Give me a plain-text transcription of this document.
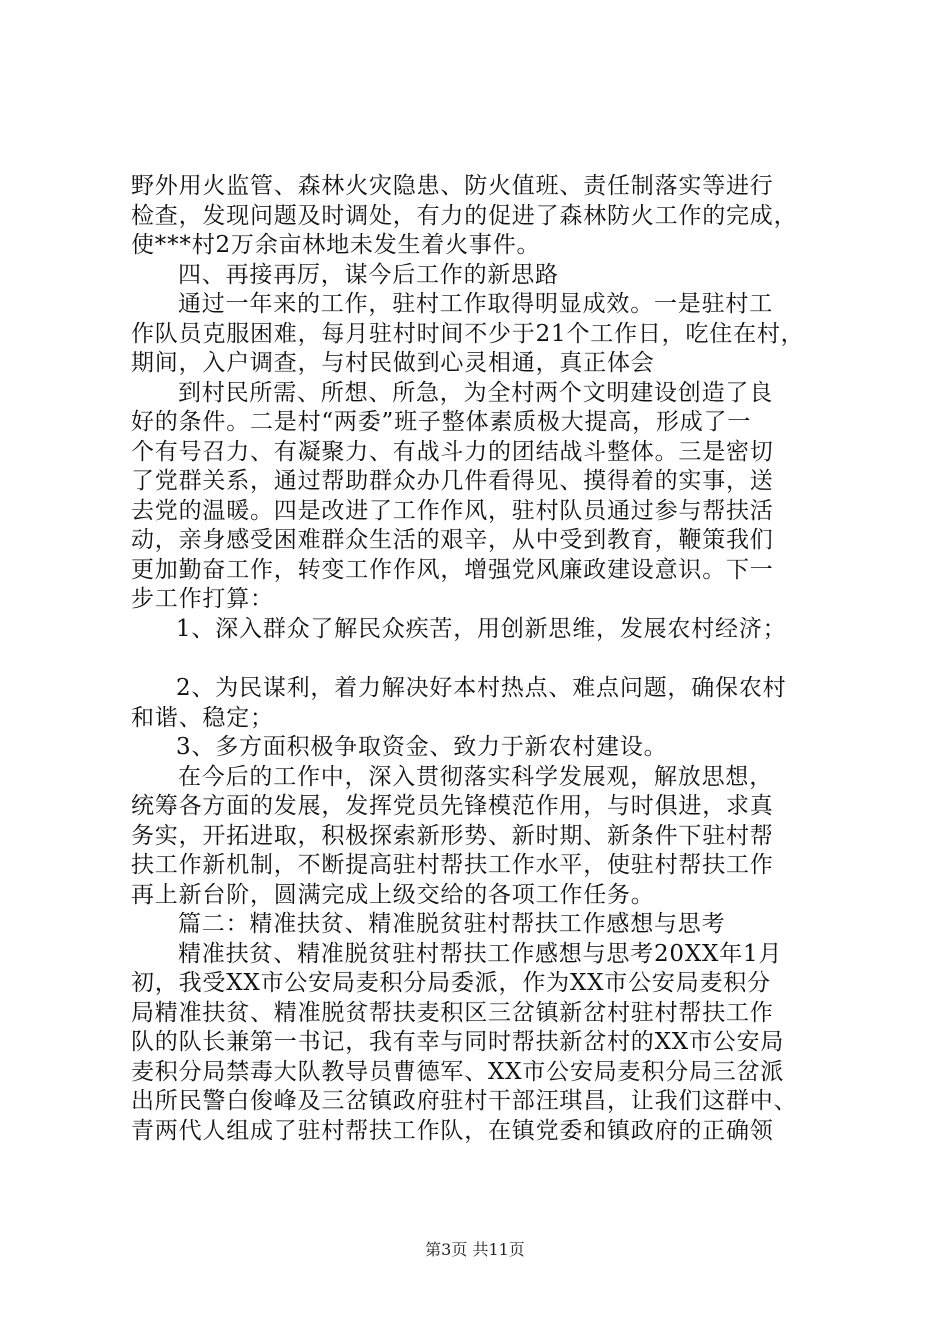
野外用火监管、森林火灾隐患、防火值班、责任制落实等进行
检查，发现问题及时调处，有力的促进了森林防火工作的完成，
使***村2万余亩林地未发生着火事件。
四、再接再厉，谋今后工作的新思路
通过一年来的工作，驻村工作取得明显成效。一是驻村工
作队员克服困难，每月驻村时间不少于21个工作日，吃住在村，
期间，入户调查，与村民做到心灵相通，真正体会
到村民所需、所想、所急，为全村两个文明建设创造了良
好的条件。二是村“两委”班子整体素质极大提高，形成了一
个有号召力、有凝聚力、有战斗力的团结战斗整体。三是密切
了党群关系，通过帮助群众办几件看得见、摸得着的实事，送
去党的温暖。四是改进了工作作风，驻村队员通过参与帮扶活
动，亲身感受困难群众生活的艰辛，从中受到教育，鞭策我们
更加勤奋工作，转变工作作风，增强党风廉政建设意识。下一
步工作打算：
1、深入群众了解民众疾苦，用创新思维，发展农村经济；
2、为民谋利，着力解决好本村热点、难点问题，确保农村
和谐、稳定；
3、多方面积极争取资金、致力于新农村建设。
在今后的工作中，深入贯彻落实科学发展观，解放思想，
统筹各方面的发展，发挥党员先锋模范作用，与时俱进，求真
务实，开拓进取，积极探索新形势、新时期、新条件下驻村帮
扶工作新机制，不断提高驻村帮扶工作水平，使驻村帮扶工作
再上新台阶，圆满完成上级交给的各项工作任务。
篇二：精准扶贫、精准脱贫驻村帮扶工作感想与思考
精准扶贫、精准脱贫驻村帮扶工作感想与思考20XX年1月
初，我受XX市公安局麦积分局委派，作为XX市公安局麦积分
局精准扶贫、精准脱贫帮扶麦积区三岔镇新岔村驻村帮扶工作
队的队长兼第一书记，我有幸与同时帮扶新岔村的XX市公安局
麦积分局禁毒大队教导员曹德军、XX市公安局麦积分局三岔派
出所民警白俊峰及三岔镇政府驻村干部汪琪昌，让我们这群中、
青两代人组成了驻村帮扶工作队，在镇党委和镇政府的正确领
第3页 共11页
